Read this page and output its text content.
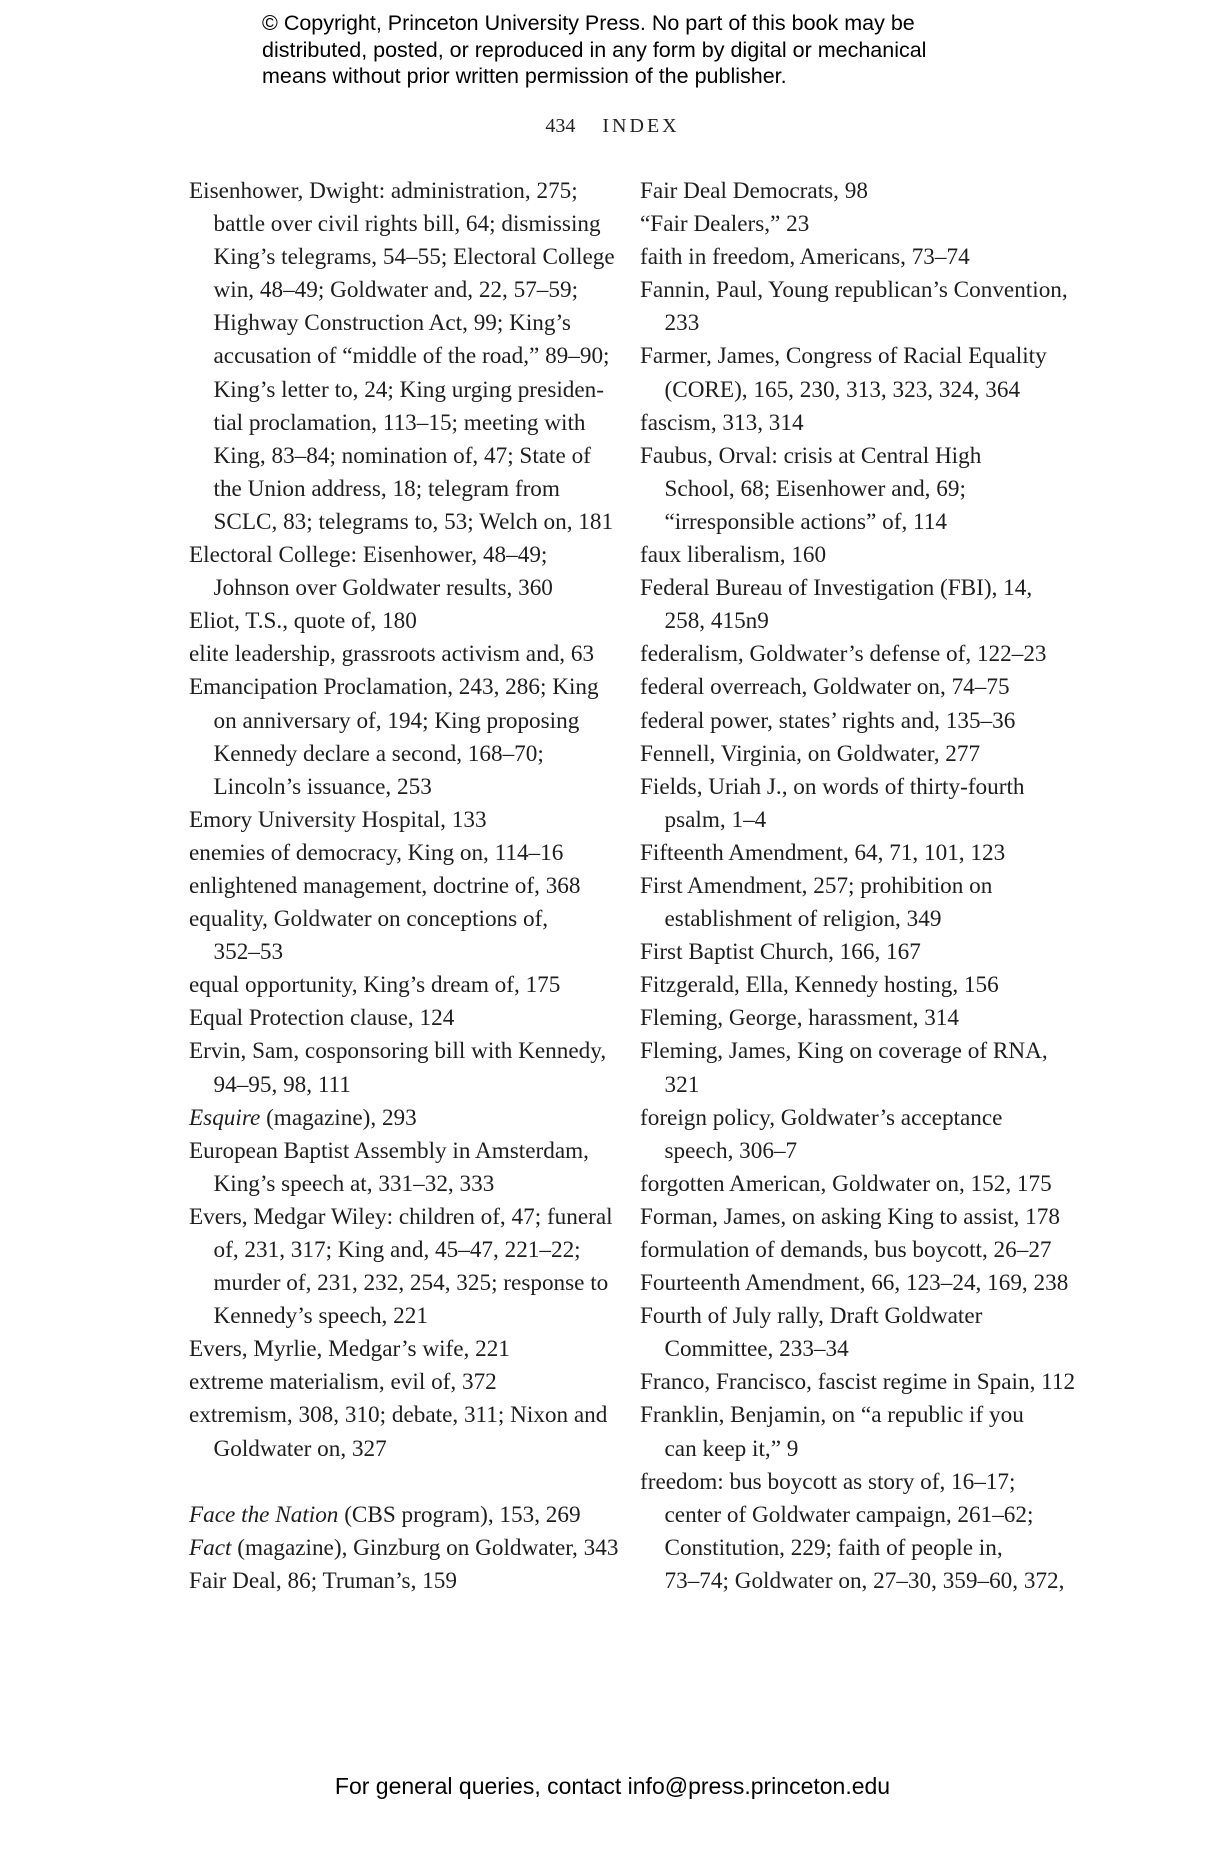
© Copyright, Princeton University Press. No part of this book may be
distributed, posted, or reproduced in any form by digital or mechanical
means without prior written permission of the publisher.
434 INDEX
Eisenhower, Dwight: administration, 275;
battle over civil rights bill, 64; dismissing
King’s telegrams, 54–55; Electoral College
win, 48–49; Goldwater and, 22, 57–59;
Highway Construction Act, 99; King’s
accusation of “middle of the road,” 89–90;
King’s letter to, 24; King urging presiden-
tial proclamation, 113–15; meeting with
King, 83–84; nomination of, 47; State of
the Union address, 18; telegram from
SCLC, 83; telegrams to, 53; Welch on, 181
Electoral College: Eisenhower, 48–49;
Johnson over Goldwater results, 360
Eliot, T.S., quote of, 180
elite leadership, grassroots activism and, 63
Emancipation Proclamation, 243, 286; King
on anniversary of, 194; King proposing
Kennedy declare a second, 168–70;
Lincoln’s issuance, 253
Emory University Hospital, 133
enemies of democracy, King on, 114–16
enlightened management, doctrine of, 368
equality, Goldwater on conceptions of,
352–53
equal opportunity, King’s dream of, 175
Equal Protection clause, 124
Ervin, Sam, cosponsoring bill with Kennedy,
94–95, 98, 111
Esquire (magazine), 293
European Baptist Assembly in Amsterdam,
King’s speech at, 331–32, 333
Evers, Medgar Wiley: children of, 47; funeral
of, 231, 317; King and, 45–47, 221–22;
murder of, 231, 232, 254, 325; response to
Kennedy’s speech, 221
Evers, Myrlie, Medgar’s wife, 221
extreme materialism, evil of, 372
extremism, 308, 310; debate, 311; Nixon and
Goldwater on, 327
Face the Nation (CBS program), 153, 269
Fact (magazine), Ginzburg on Goldwater, 343
Fair Deal, 86; Truman’s, 159
Fair Deal Democrats, 98
“Fair Dealers,” 23
faith in freedom, Americans, 73–74
Fannin, Paul, Young republican’s Convention,
233
Farmer, James, Congress of Racial Equality
(CORE), 165, 230, 313, 323, 324, 364
fascism, 313, 314
Faubus, Orval: crisis at Central High
School, 68; Eisenhower and, 69;
“irresponsible actions” of, 114
faux liberalism, 160
Federal Bureau of Investigation (FBI), 14,
258, 415n9
federalism, Goldwater’s defense of, 122–23
federal overreach, Goldwater on, 74–75
federal power, states’ rights and, 135–36
Fennell, Virginia, on Goldwater, 277
Fields, Uriah J., on words of thirty-fourth
psalm, 1–4
Fifteenth Amendment, 64, 71, 101, 123
First Amendment, 257; prohibition on
establishment of religion, 349
First Baptist Church, 166, 167
Fitzgerald, Ella, Kennedy hosting, 156
Fleming, George, harassment, 314
Fleming, James, King on coverage of RNA,
321
foreign policy, Goldwater’s acceptance
speech, 306–7
forgotten American, Goldwater on, 152, 175
Forman, James, on asking King to assist, 178
formulation of demands, bus boycott, 26–27
Fourteenth Amendment, 66, 123–24, 169, 238
Fourth of July rally, Draft Goldwater
Committee, 233–34
Franco, Francisco, fascist regime in Spain, 112
Franklin, Benjamin, on “a republic if you
can keep it,” 9
freedom: bus boycott as story of, 16–17;
center of Goldwater campaign, 261–62;
Constitution, 229; faith of people in,
73–74; Goldwater on, 27–30, 359–60, 372,
For general queries, contact info@press.princeton.edu
